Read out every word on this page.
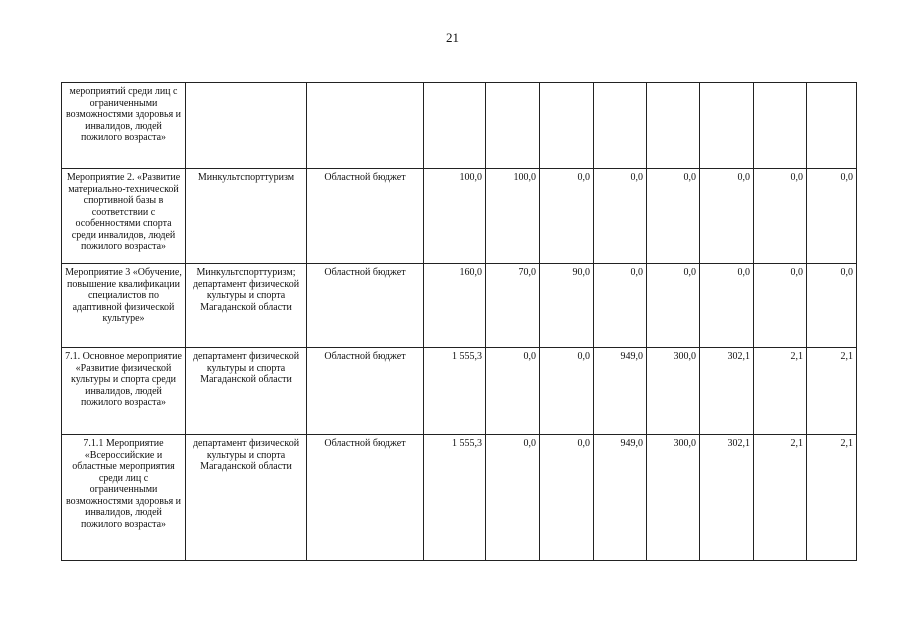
21
мероприятий среди лиц с ограниченными возможностями здоровья и инвалидов, людей пожилого возраста»										
Мероприятие 2. «Развитие материально-технической спортивной базы в соответствии с особенностями спорта среди инвалидов, людей пожилого возраста»	Минкультспорттуризм	Областной бюджет	100,0	100,0	0,0	0,0	0,0	0,0	0,0	0,0
Мероприятие 3 «Обучение, повышение квалификации специалистов по адаптивной физической культуре»	Минкультспорттуризм; департамент физической культуры и спорта Магаданской области	Областной бюджет	160,0	70,0	90,0	0,0	0,0	0,0	0,0	0,0
7.1. Основное мероприятие «Развитие физической культуры и спорта среди инвалидов, людей пожилого возраста»	департамент физической культуры и спорта Магаданской области	Областной бюджет	1 555,3	0,0	0,0	949,0	300,0	302,1	2,1	2,1
7.1.1 Мероприятие «Всероссийские и областные мероприятия среди лиц с ограниченными возможностями здоровья и инвалидов, людей пожилого возраста»	департамент физической культуры и спорта Магаданской области	Областной бюджет	1 555,3	0,0	0,0	949,0	300,0	302,1	2,1	2,1
